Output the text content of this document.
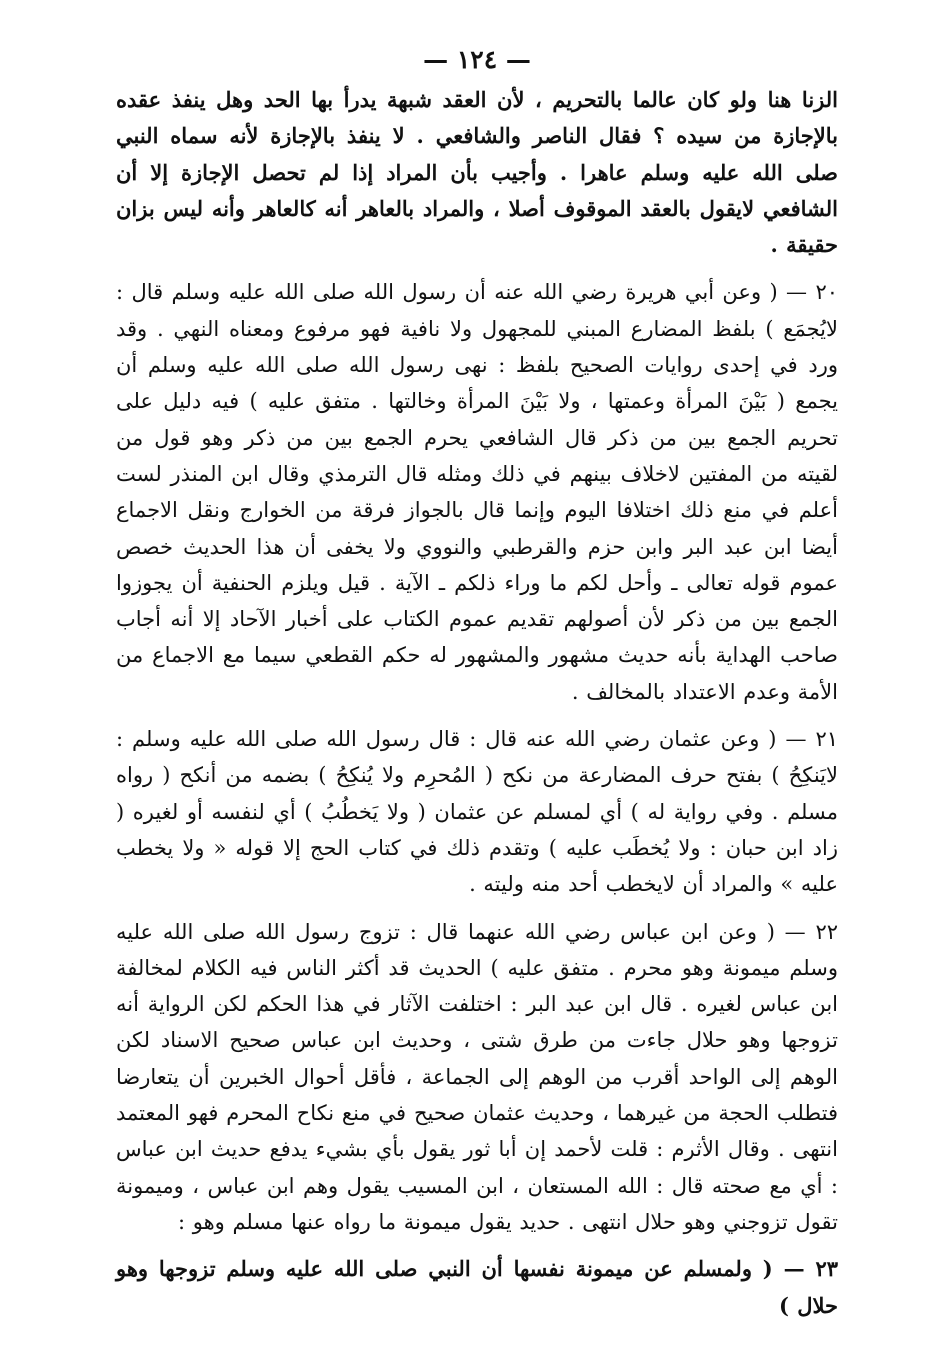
— ١٢٤ —

الزنا هنا ولو كان عالما بالتحريم ، لأن العقد شبهة يدرأ بها الحد وهل ينفذ عقده بالإجازة من سيده ؟ فقال الناصر والشافعي . لا ينفذ بالإجازة لأنه سماه النبي صلى الله عليه وسلم عاهرا . وأجيب بأن المراد إذا لم تحصل الإجازة إلا أن الشافعي لايقول بالعقد الموقوف أصلا ، والمراد بالعاهر أنه كالعاهر وأنه ليس بزان حقيقة .

٢٠ — ( وعن أبي هريرة رضي الله عنه أن رسول الله صلى الله عليه وسلم قال : لايُجمَع ) بلفظ المضارع المبني للمجهول ولا نافية فهو مرفوع ومعناه النهي . وقد ورد في إحدى روايات الصحيح بلفظ : نهى رسول الله صلى الله عليه وسلم أن يجمع ( بَيْنَ المرأة وعمتها ، ولا بَيْنَ المرأة وخالتها . متفق عليه ) فيه دليل على تحريم الجمع بين من ذكر قال الشافعي يحرم الجمع بين من ذكر وهو قول من لقيته من المفتين لاخلاف بينهم في ذلك ومثله قال الترمذي وقال ابن المنذر لست أعلم في منع ذلك اختلافا اليوم وإنما قال بالجواز فرقة من الخوارج ونقل الاجماع أيضا ابن عبد البر وابن حزم والقرطبي والنووي ولا يخفى أن هذا الحديث خصص عموم قوله تعالى ـ وأحل لكم ما وراء ذلكم ـ الآية . قيل ويلزم الحنفية أن يجوزوا الجمع بين من ذكر لأن أصولهم تقديم عموم الكتاب على أخبار الآحاد إلا أنه أجاب صاحب الهداية بأنه حديث مشهور والمشهور له حكم القطعي سيما مع الاجماع من الأمة وعدم الاعتداد بالمخالف .

٢١ — ( وعن عثمان رضي الله عنه قال : قال رسول الله صلى الله عليه وسلم : لايَنكِحُ ) بفتح حرف المضارعة من نكح ( المُحرِم ولا يُنكِحُ ) بضمه من أنكح ( رواه مسلم . وفي رواية له ) أي لمسلم عن عثمان ( ولا يَخطُبُ ) أي لنفسه أو لغيره ( زاد ابن حبان : ولا يُخطَب عليه ) وتقدم ذلك في كتاب الحج إلا قوله « ولا يخطب عليه » والمراد أن لايخطب أحد منه وليته .

٢٢ — ( وعن ابن عباس رضي الله عنهما قال : تزوج رسول الله صلى الله عليه وسلم ميمونة وهو محرم . متفق عليه ) الحديث قد أكثر الناس فيه الكلام لمخالفة ابن عباس لغيره . قال ابن عبد البر : اختلفت الآثار في هذا الحكم لكن الرواية أنه تزوجها وهو حلال جاءت من طرق شتى ، وحديث ابن عباس صحيح الاسناد لكن الوهم إلى الواحد أقرب من الوهم إلى الجماعة ، فأقل أحوال الخبرين أن يتعارضا فتطلب الحجة من غيرهما ، وحديث عثمان صحيح في منع نكاح المحرم فهو المعتمد انتهى . وقال الأثرم : قلت لأحمد إن أبا ثور يقول بأي بشيء يدفع حديث ابن عباس : أي مع صحته قال : الله المستعان ، ابن المسيب يقول وهم ابن عباس ، وميمونة تقول تزوجني وهو حلال انتهى . حديد يقول ميمونة ما رواه عنها مسلم وهو :

٢٣ — ( ولمسلم عن ميمونة نفسها أن النبي صلى الله عليه وسلم تزوجها وهو حلال )
